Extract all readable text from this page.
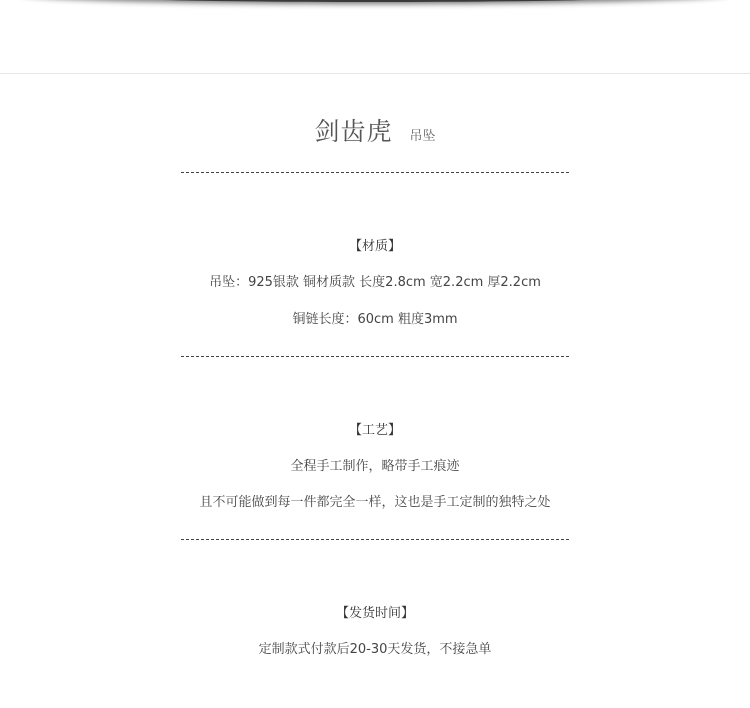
剑齿虎 吊坠
【材质】
吊坠：925银款 铜材质款 长度2.8cm 宽2.2cm 厚2.2cm
铜链长度：60cm 粗度3mm
【工艺】
全程手工制作，略带手工痕迹
且不可能做到每一件都完全一样，这也是手工定制的独特之处
【发货时间】
定制款式付款后20-30天发货，不接急单
